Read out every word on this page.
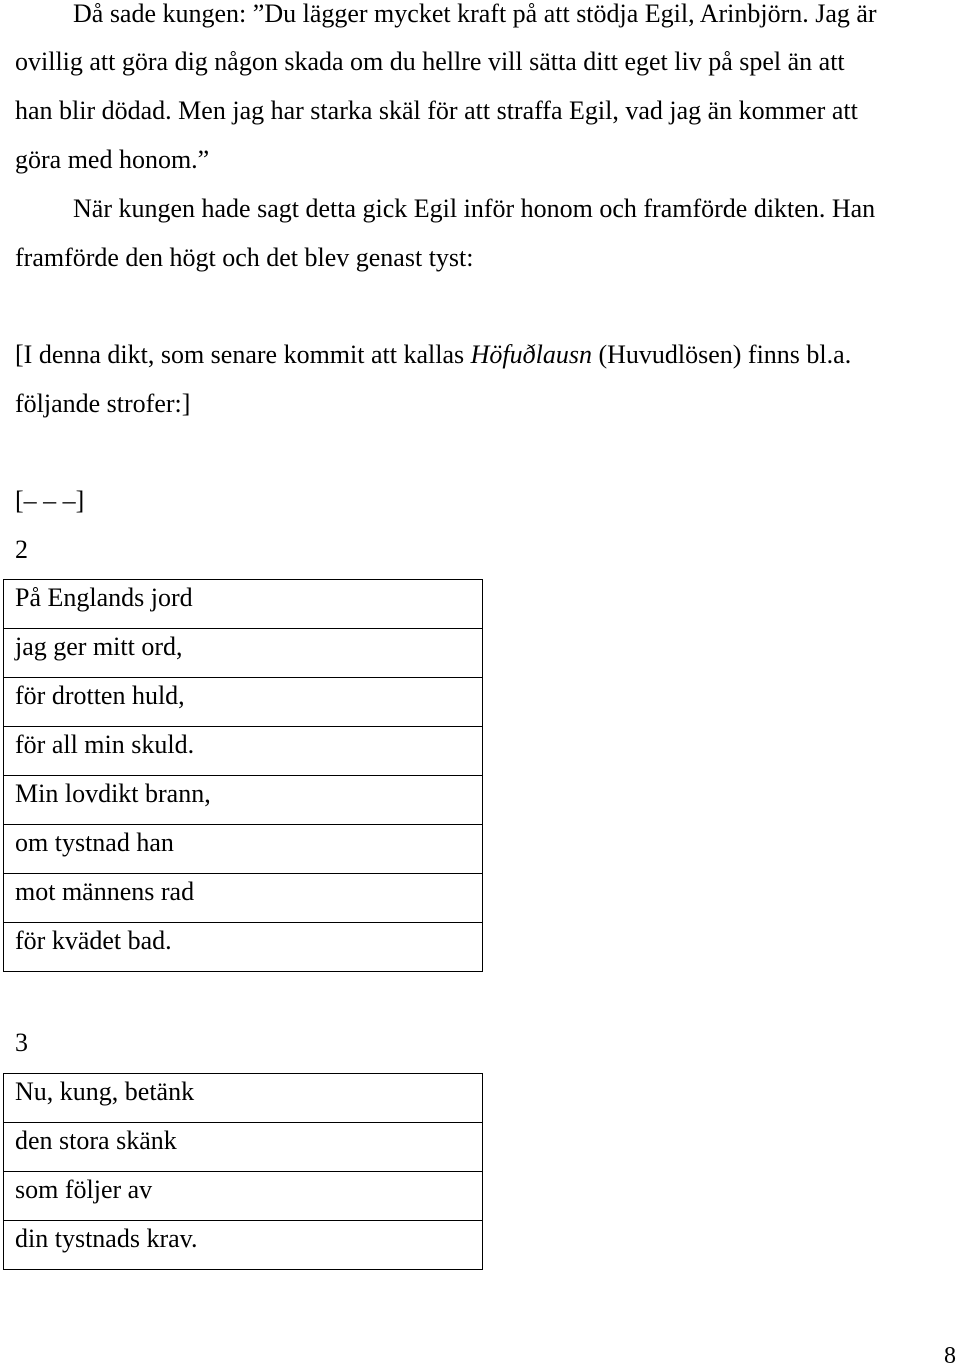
Då sade kungen: ”Du lägger mycket kraft på att stödja Egil, Arinbjörn. Jag är
ovillig att göra dig någon skada om du hellre vill sätta ditt eget liv på spel än att
han blir dödad. Men jag har starka skäl för att straffa Egil, vad jag än kommer att
göra med honom.”
När kungen hade sagt detta gick Egil inför honom och framförde dikten. Han
framförde den högt och det blev genast tyst:
[I denna dikt, som senare kommit att kallas Höfuðlausn (Huvudlösen) finns bl.a.
följande strofer:]
[– – –]
2
På Englands jord
jag ger mitt ord,
för drotten huld,
för all min skuld.
Min lovdikt brann,
om tystnad han
mot männens rad
för kvädet bad.
3
Nu, kung, betänk
den stora skänk
som följer av
din tystnads krav.
8
